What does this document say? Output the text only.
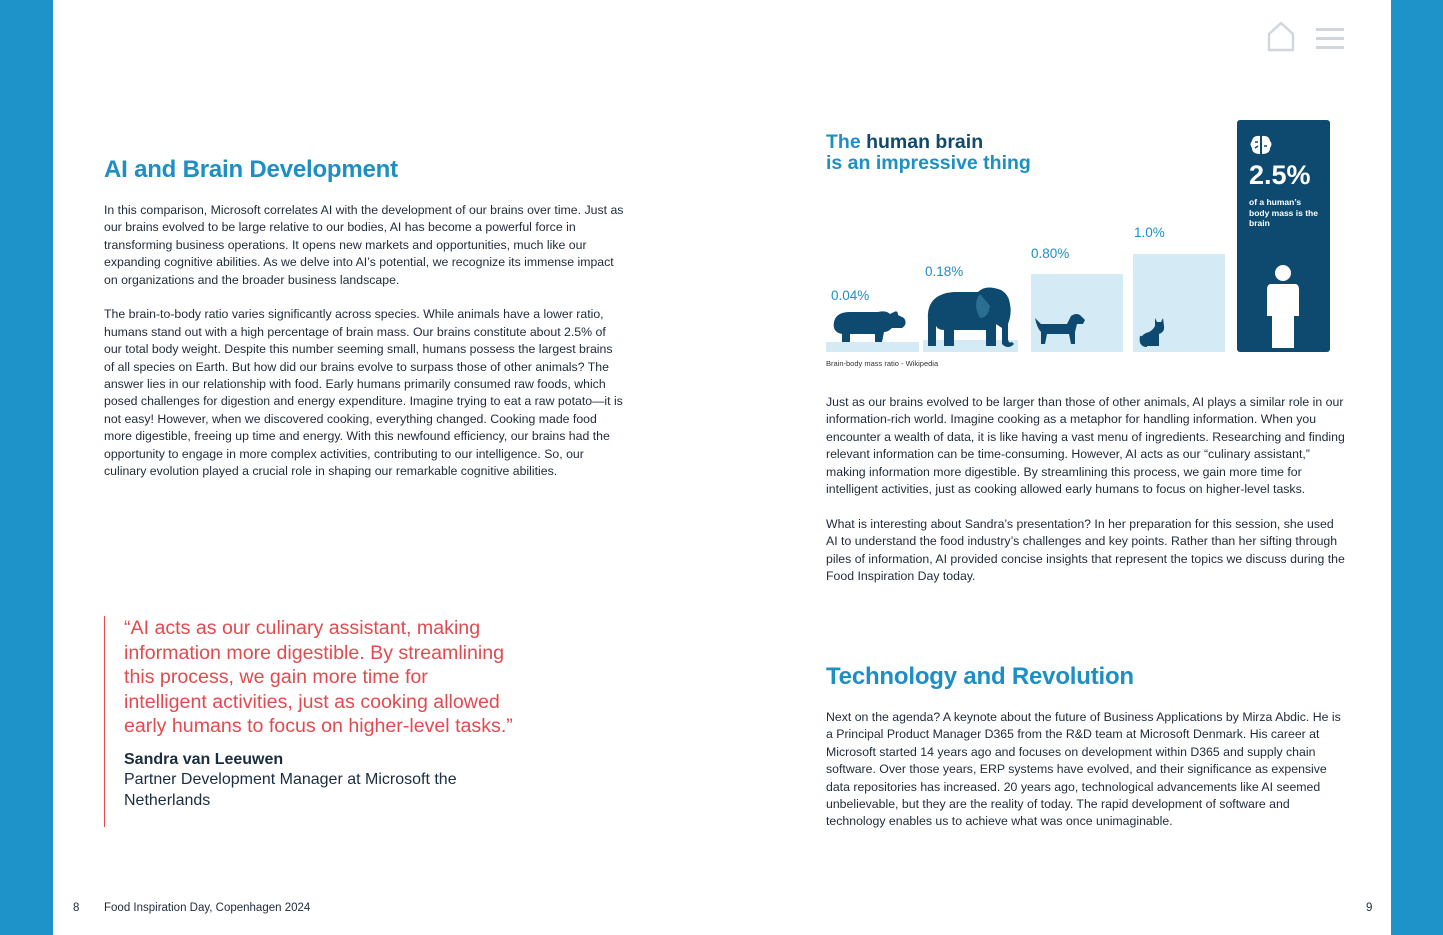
AI and Brain Development

In this comparison, Microsoft correlates AI with the development of our brains over time. Just as our brains evolved to be large relative to our bodies, AI has become a powerful force in transforming business operations. It opens new markets and opportunities, much like our expanding cognitive abilities. As we delve into AI’s potential, we recognize its immense impact on organizations and the broader business landscape.

The brain-to-body ratio varies significantly across species. While animals have a lower ratio, humans stand out with a high percentage of brain mass. Our brains constitute about 2.5% of our total body weight. Despite this number seeming small, humans possess the largest brains of all species on Earth. But how did our brains evolve to surpass those of other animals? The answer lies in our relationship with food. Early humans primarily consumed raw foods, which posed challenges for digestion and energy expenditure. Imagine trying to eat a raw potato—it is not easy! However, when we discovered cooking, everything changed. Cooking made food more digestible, freeing up time and energy. With this newfound efficiency, our brains had the opportunity to engage in more complex activities, contributing to our intelligence. So, our culinary evolution played a crucial role in shaping our remarkable cognitive abilities.

“AI acts as our culinary assistant, making information more digestible. By streamlining this process, we gain more time for intelligent activities, just as cooking allowed early humans to focus on higher-level tasks.”

Sandra van Leeuwen
Partner Development Manager at Microsoft the Netherlands
8 Food Inspiration Day, Copenhagen 2024
The human brain
is an impressive thing
0.04%
0.18%
0.80%
1.0%
2.5%
of a human’s body mass is the brain
Brain-body mass ratio - Wikipedia

Just as our brains evolved to be larger than those of other animals, AI plays a similar role in our information-rich world. Imagine cooking as a metaphor for handling information. When you encounter a wealth of data, it is like having a vast menu of ingredients. Researching and finding relevant information can be time-consuming. However, AI acts as our “culinary assistant,” making information more digestible. By streamlining this process, we gain more time for intelligent activities, just as cooking allowed early humans to focus on higher-level tasks.

What is interesting about Sandra’s presentation? In her preparation for this session, she used AI to understand the food industry’s challenges and key points. Rather than her sifting through piles of information, AI provided concise insights that represent the topics we discuss during the Food Inspiration Day today.

Technology and Revolution

Next on the agenda? A keynote about the future of Business Applications by Mirza Abdic. He is a Principal Product Manager D365 from the R&D team at Microsoft Denmark. His career at Microsoft started 14 years ago and focuses on development within D365 and supply chain software. Over those years, ERP systems have evolved, and their significance as expensive data repositories has increased. 20 years ago, technological advancements like AI seemed unbelievable, but they are the reality of today. The rapid development of software and technology enables us to achieve what was once unimaginable.

9
